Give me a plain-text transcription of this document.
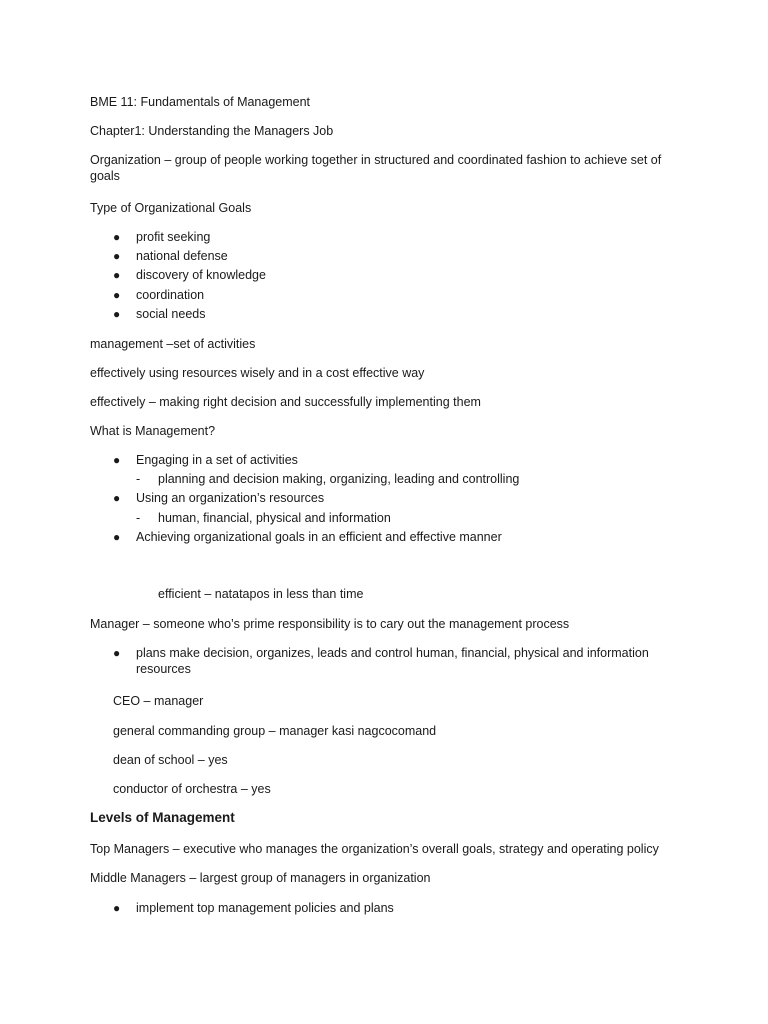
BME 11: Fundamentals of Management
Chapter1: Understanding the Managers Job
Organization – group of people working together in structured and coordinated fashion to achieve set of goals
Type of Organizational Goals
● profit seeking
● national defense
● discovery of knowledge
● coordination
● social needs
management –set of activities
effectively using resources wisely and in a cost effective way
effectively – making right decision and successfully implementing them
What is Management?
● Engaging in a set of activities
- planning and decision making, organizing, leading and controlling
● Using an organization’s resources
- human, financial, physical and information
● Achieving organizational goals in an efficient and effective manner
efficient – natatapos in less than time
Manager – someone who’s prime responsibility is to cary out the management process
● plans make decision, organizes, leads and control human, financial, physical and information resources
CEO – manager
general commanding group – manager kasi nagcocomand
dean of school – yes
conductor of orchestra – yes
Levels of Management
Top Managers – executive who manages the organization’s overall goals, strategy and operating policy
Middle Managers – largest group of managers in organization
● implement top management policies and plans
